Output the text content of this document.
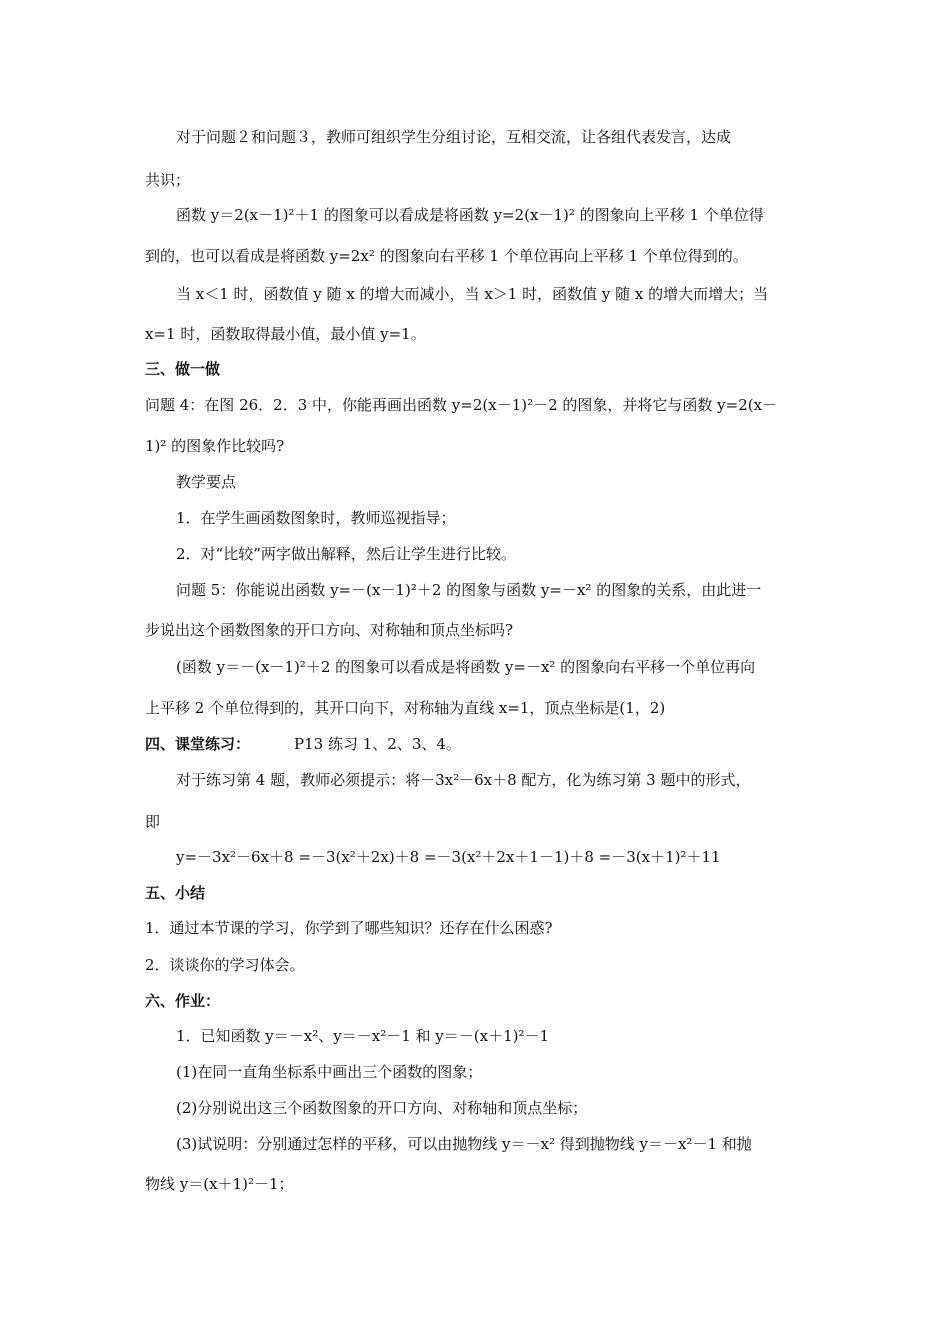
对于问题２和问题３，教师可组织学生分组讨论，互相交流，让各组代表发言，达成
共识；
函数 y＝2(x－1)²＋1 的图象可以看成是将函数 y=2(x－1)² 的图象向上平移 1 个单位得
到的，也可以看成是将函数 y=2x² 的图象向右平移 1 个单位再向上平移 1 个单位得到的。
当 x＜1 时，函数值 y 随 x 的增大而减小，当 x＞1 时，函数值 y 随 x 的增大而增大；当
x=1 时，函数取得最小值，最小值 y=1。
三、做一做
问题 4：在图 26．2．3 中，你能再画出函数 y=2(x－1)²－2 的图象，并将它与函数 y=2(x－
1)² 的图象作比较吗?
教学要点
1．在学生画函数图象时，教师巡视指导；
2．对“比较”两字做出解释，然后让学生进行比较。
问题 5：你能说出函数 y=－(x－1)²＋2 的图象与函数 y=－x² 的图象的关系，由此进一
步说出这个函数图象的开口方向、对称轴和顶点坐标吗?
(函数 y＝－(x－1)²＋2 的图象可以看成是将函数 y=－x² 的图象向右平移一个单位再向
上平移 2 个单位得到的，其开口向下，对称轴为直线 x=1，顶点坐标是(1，2)
四、课堂练习：	P13 练习 1、2、3、4。
对于练习第 4 题，教师必须提示：将－3x²－6x＋8 配方，化为练习第 3 题中的形式，
即
y=－3x²－6x＋8 =－3(x²＋2x)＋8 =－3(x²＋2x＋1－1)＋8 =－3(x＋1)²＋11
五、小结
1．通过本节课的学习，你学到了哪些知识？还存在什么困惑?
2．谈谈你的学习体会。
六、作业：
1．已知函数 y＝－x²、y＝－x²－1 和 y＝－(x＋1)²－1
(1)在同一直角坐标系中画出三个函数的图象；
(2)分别说出这三个函数图象的开口方向、对称轴和顶点坐标；
(3)试说明：分别通过怎样的平移，可以由抛物线 y＝－x² 得到抛物线 y＝－x²－1 和抛
物线 y＝(x＋1)²－1；
